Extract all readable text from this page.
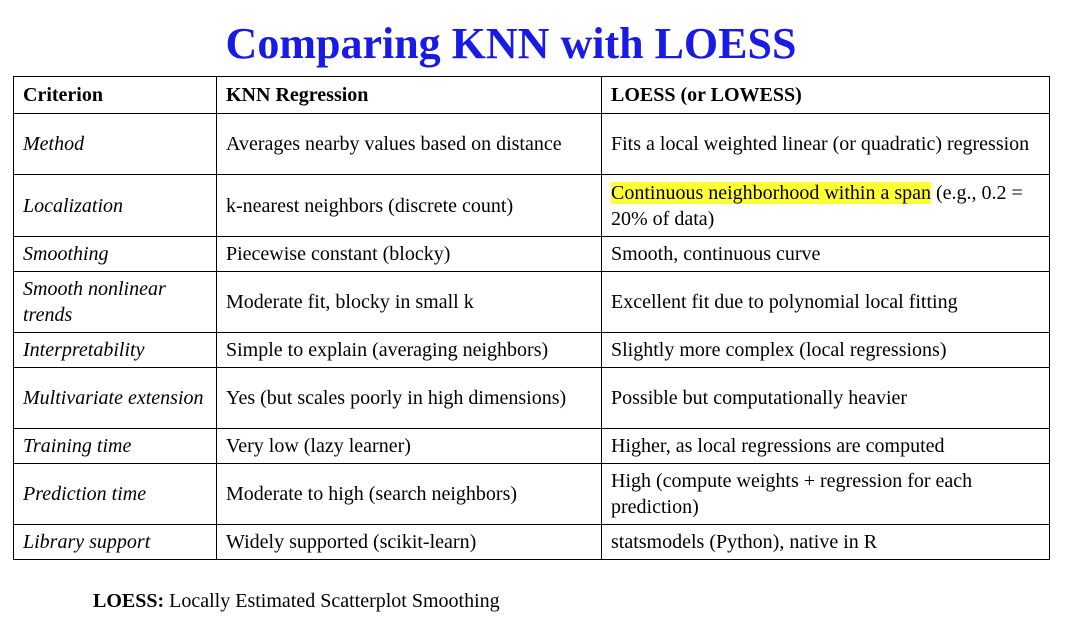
Comparing KNN with LOESS
Criterion	KNN Regression	LOESS (or LOWESS)
Method	Averages nearby values based on distance	Fits a local weighted linear (or quadratic) regression
Localization	k-nearest neighbors (discrete count)	Continuous neighborhood within a span (e.g., 0.2 = 20% of data)
Smoothing	Piecewise constant (blocky)	Smooth, continuous curve
Smooth nonlinear trends	Moderate fit, blocky in small k	Excellent fit due to polynomial local fitting
Interpretability	Simple to explain (averaging neighbors)	Slightly more complex (local regressions)
Multivariate extension	Yes (but scales poorly in high dimensions)	Possible but computationally heavier
Training time	Very low (lazy learner)	Higher, as local regressions are computed
Prediction time	Moderate to high (search neighbors)	High (compute weights + regression for each prediction)
Library support	Widely supported (scikit-learn)	statsmodels (Python), native in R
LOESS: Locally Estimated Scatterplot Smoothing
